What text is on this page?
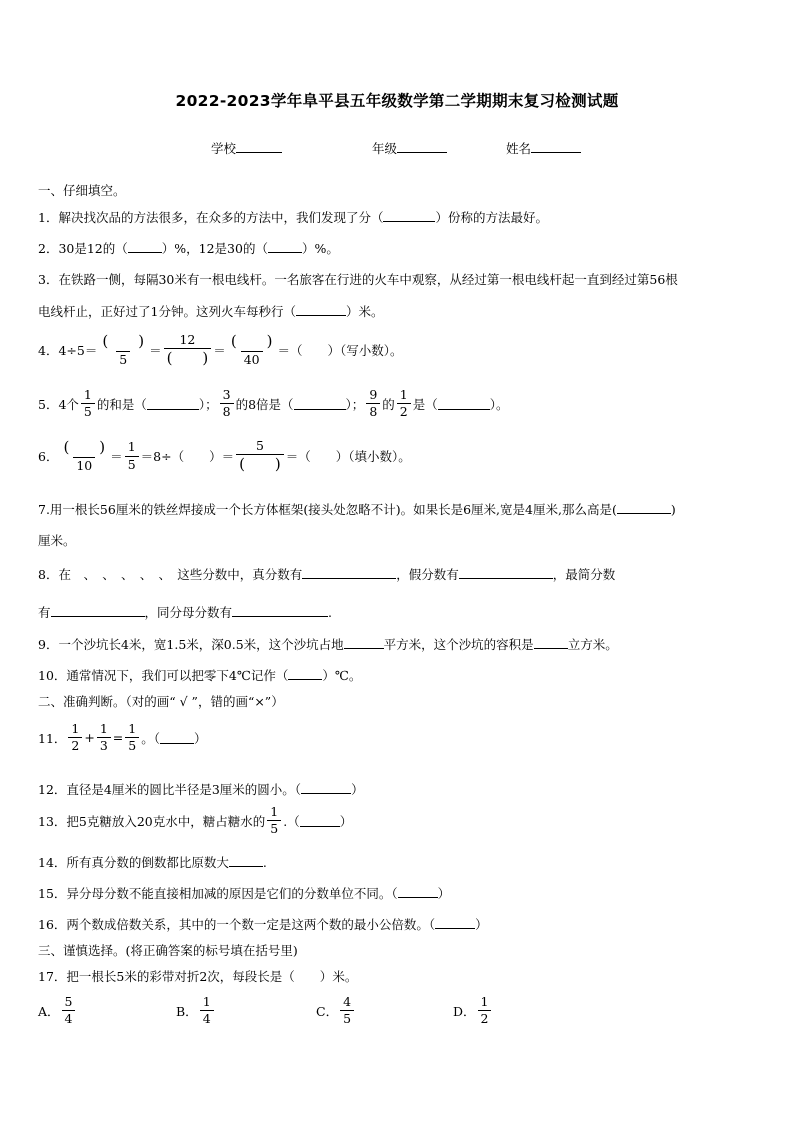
2022-2023学年阜平县五年级数学第二学期期末复习检测试题
学校	年级	姓名
一、仔细填空。
1．解决找次品的方法很多，在众多的方法中，我们发现了分（	）份称的方法最好。
2．30是12的（	）%，12是30的（	）%。
3．在铁路一侧，每隔30米有一根电线杆。一名旅客在行进的火车中观察，从经过第一根电线杆起一直到经过第56根
电线杆止，正好过了1分钟。这列火车每秒行（	）米。
4．$4\div 5= \frac{( )}{5} = \frac{12}{( )} = \frac{( )}{40}$ ＝（　　）（写小数）。
5．4个 $\frac{1}{5}$ 的和是（	）； $\frac{3}{8}$ 的8倍是（	）； $\frac{9}{8}$ 的 $\frac{1}{2}$ 是（	）。
6． $\frac{( )}{10} = \frac{1}{5} =8\div$（　　）＝ $\frac{5}{( )}$ ＝（　　）（填小数）。
7.用一根长56厘米的铁丝焊接成一个长方体框架(接头处忽略不计)。如果长是6厘米,宽是4厘米,那么高是(	)
厘米。
8．在　 、　、　、　、　、　 这些分数中，真分数有	，假分数有	，最简分数
有	，同分母分数有	.
9．一个沙坑长4米，宽1.5米，深0.5米，这个沙坑占地	平方米，这个沙坑的容积是	立方米。
10．通常情况下，我们可以把零下4℃记作（	）℃。
二、准确判断。（对的画“ √ ”，错的画“×”）
11． $\frac{1}{2} + \frac{1}{3} = \frac{1}{5}$ 。（	）
12．直径是4厘米的圆比半径是3厘米的圆小。（	）
13．把5克糖放入20克水中，糖占糖水的 $\frac{1}{5}$ .（	）
14．所有真分数的倒数都比原数大	.
15．异分母分数不能直接相加减的原因是它们的分数单位不同。（	）
16．两个数成倍数关系，其中的一个数一定是这两个数的最小公倍数。（	）
三、谨慎选择。(将正确答案的标号填在括号里)
17．把一根长5米的彩带对折2次，每段长是（　　）米。
A． $\frac{5}{4}$	B． $\frac{1}{4}$	C． $\frac{4}{5}$	D． $\frac{1}{2}$
